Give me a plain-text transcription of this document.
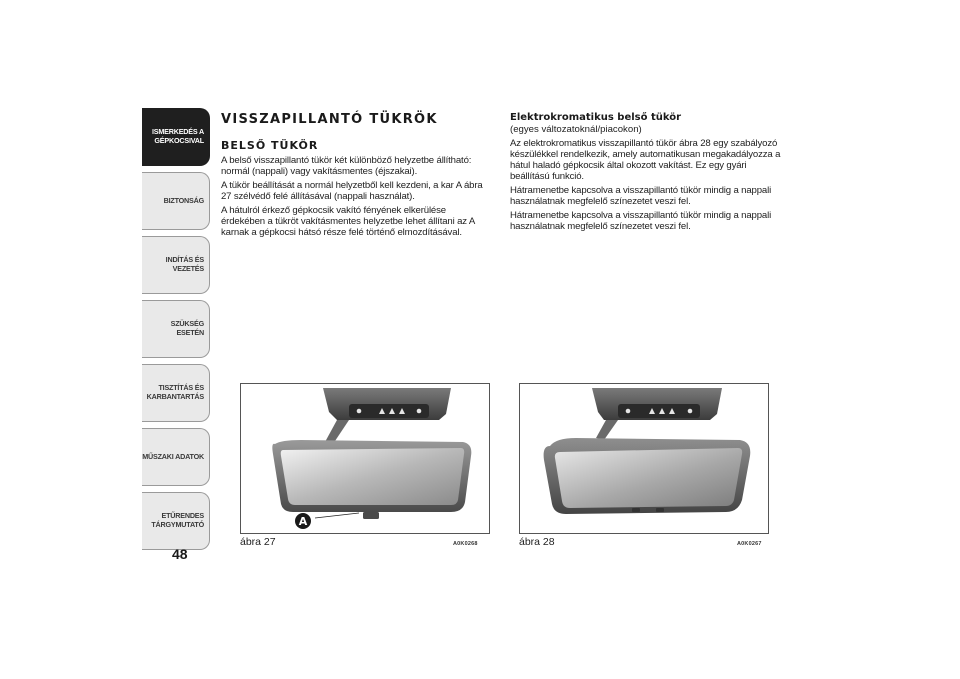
ISMERKEDÉS A
GÉPKOCSIVAL
BIZTONSÁG
INDÍTÁS ÉS VEZETÉS
SZÜKSÉG ESETÉN
TISZTÍTÁS ÉS
KARBANTARTÁS
MŰSZAKI ADATOK
ETŰRENDES
TÁRGYMUTATÓ
48
VISSZAPILLANTÓ TÜKRÖK
BELSŐ TÜKÖR

A belső visszapillantó tükör két különböző helyzetbe állítható: normál (nappali) vagy vakításmentes (éjszakai).

A tükör beállítását a normál helyzetből kell kezdeni, a kar A ábra 27 szélvédő felé állításával (nappali használat).

A hátulról érkező gépkocsik vakító fényének elkerülése érdekében a tükröt vakításmentes helyzetbe lehet állítani az A karnak a gépkocsi hátsó része felé történő elmozdításával.

Elektrokromatikus belső tükör
(egyes változatoknál/piacokon)

Az elektrokromatikus visszapillantó tükör ábra 28 egy szabályozó készülékkel rendelkezik, amely automatikusan megakadályozza a hátul haladó gépkocsik által okozott vakítást. Ez egy gyári beállítású funkció.

Hátramenetbe kapcsolva a visszapillantó tükör mindig a nappali használatnak megfelelő színezetet veszi fel.

Hátramenetbe kapcsolva a visszapillantó tükör mindig a nappali használatnak megfelelő színezetet veszi fel.

A
ábra 27	A0K0268	ábra 28	A0K0267
